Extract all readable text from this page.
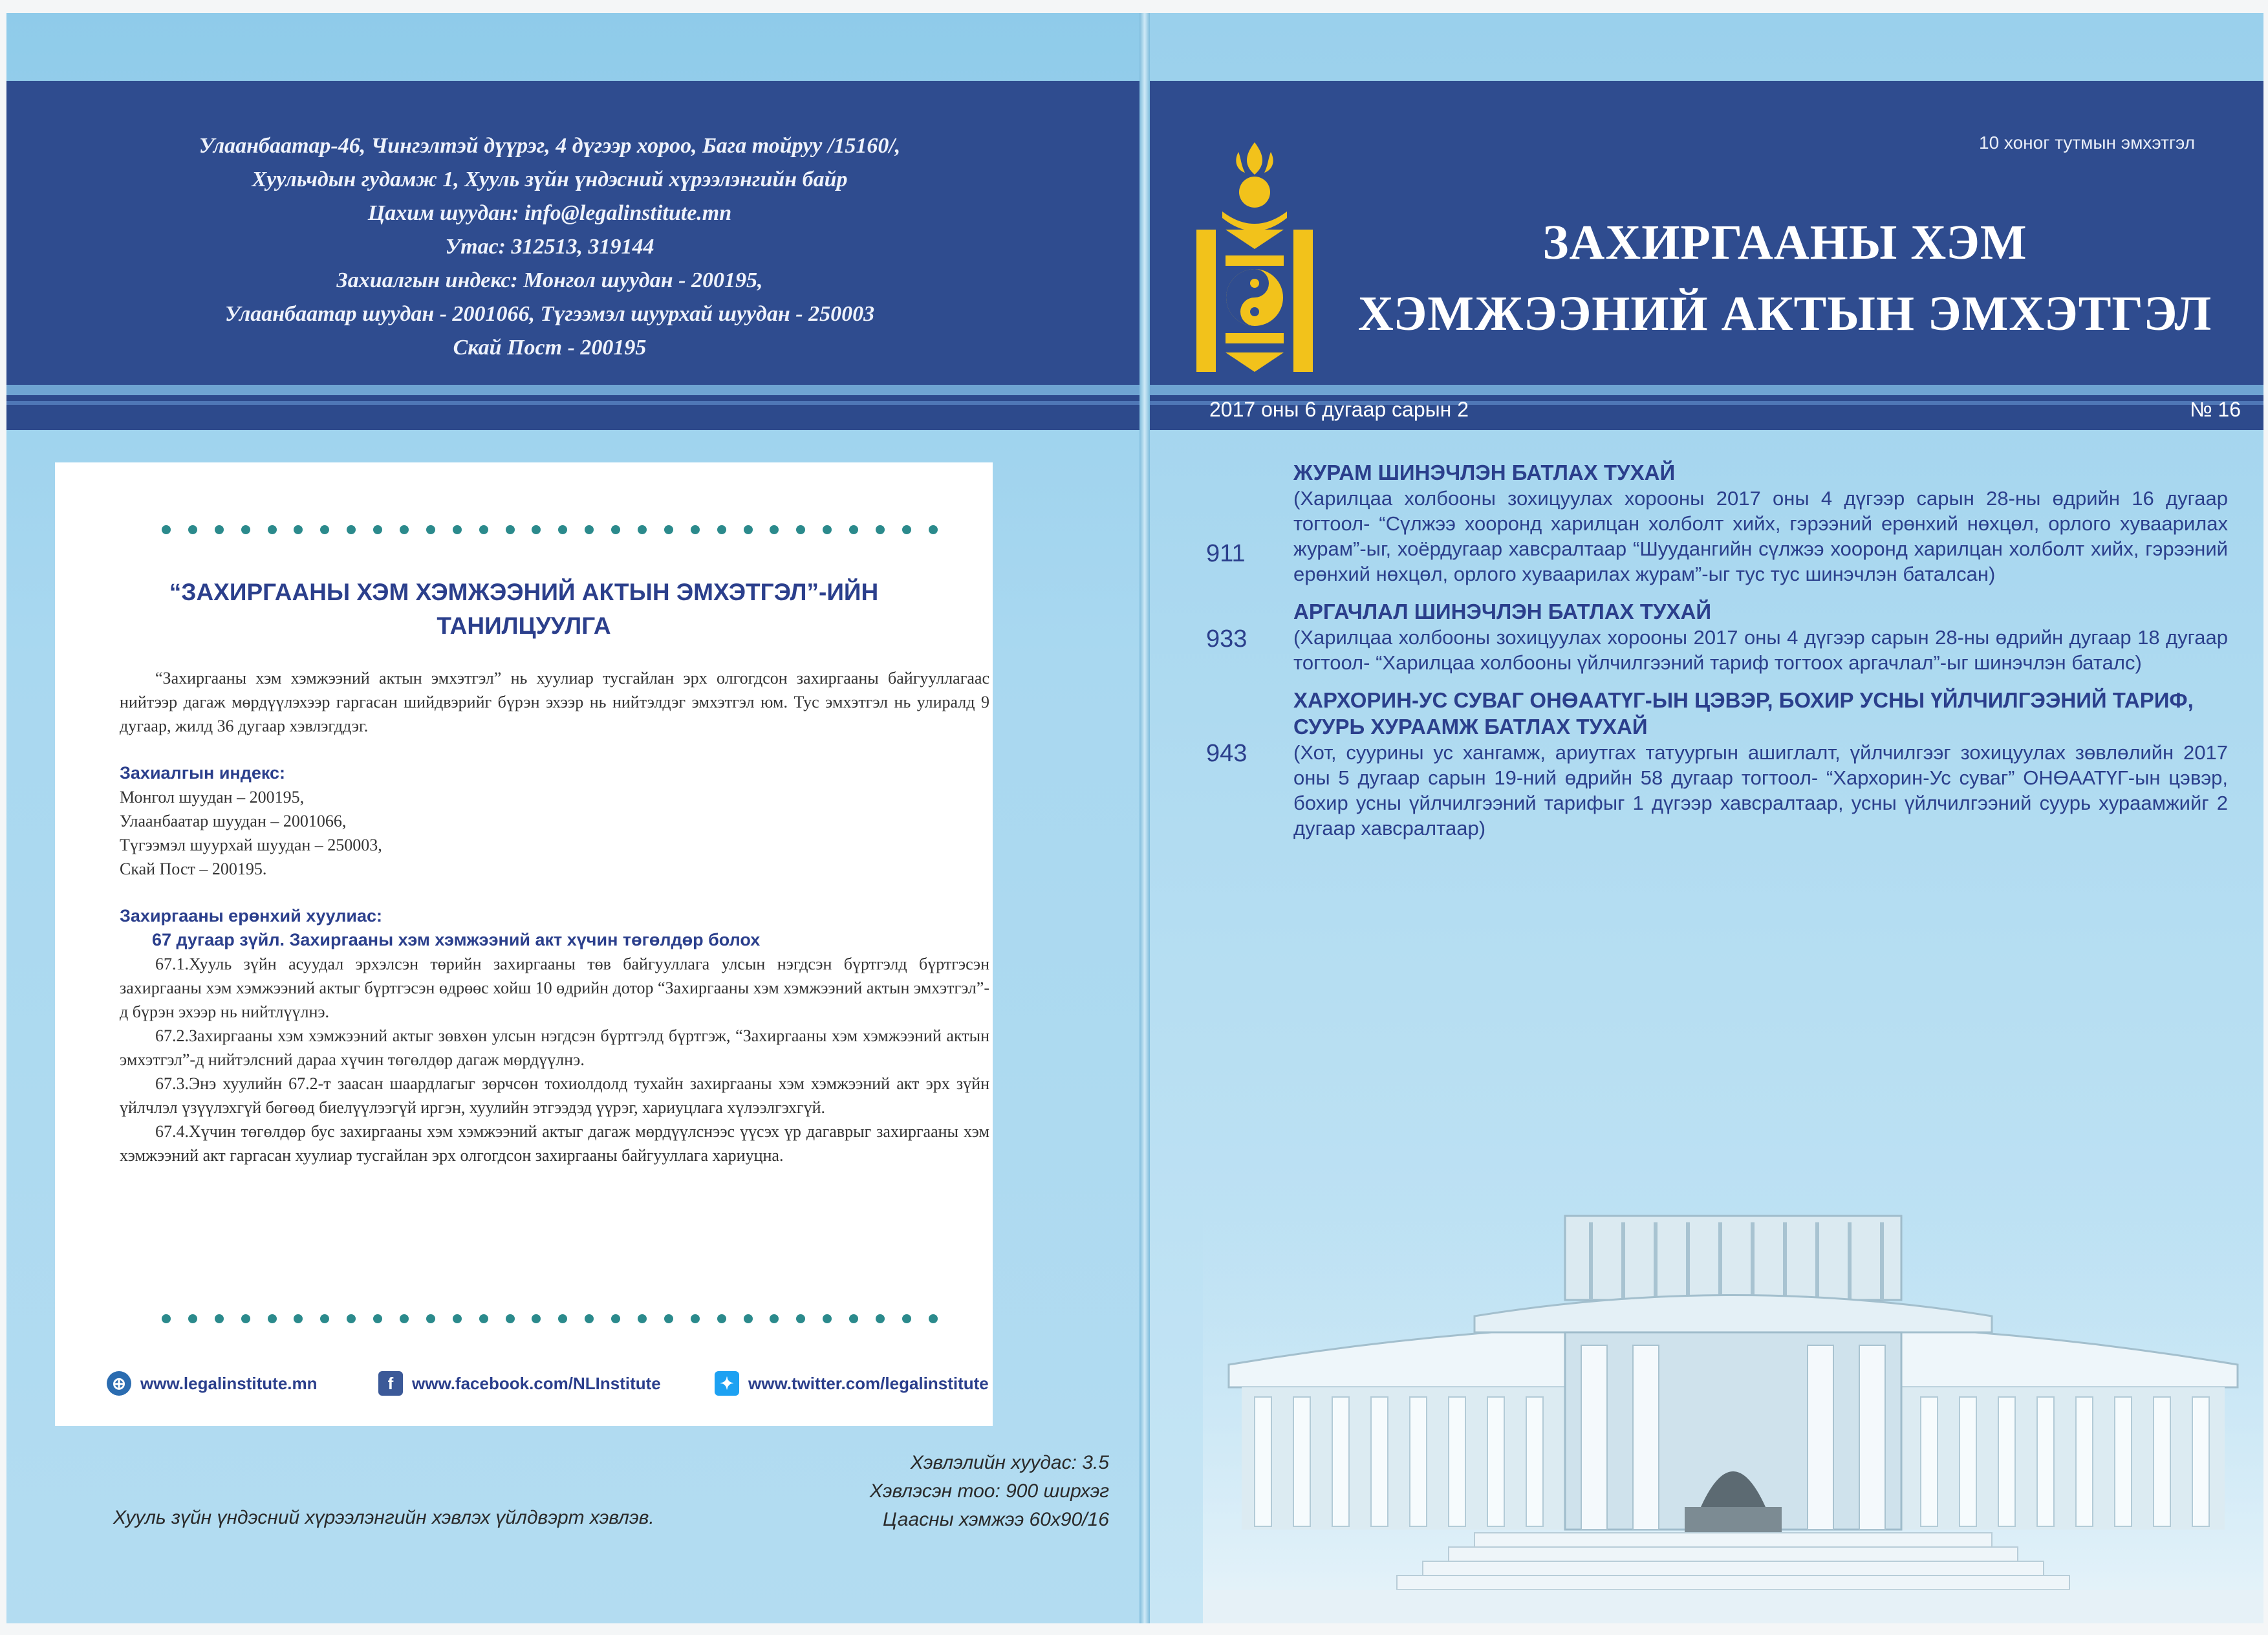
Улаанбаатар-46, Чингэлтэй дүүрэг, 4 дүгээр хороо, Бага тойруу /15160/,
Хуульчдын гудамж 1, Хууль зүйн үндэсний хүрээлэнгийн байр
Цахим шуудан: info@legalinstitute.mn
Утас: 312513, 319144
Захиалгын индекс: Монгол шуудан - 200195,
Улаанбаатар шуудан - 2001066, Түгээмэл шуурхай шуудан - 250003
Скай Пост - 200195
“ЗАХИРГААНЫ ХЭМ ХЭМЖЭЭНИЙ АКТЫН ЭМХЭТГЭЛ”-ИЙН
ТАНИЛЦУУЛГА
“Захиргааны хэм хэмжээний актын эмхэтгэл” нь хуулиар тусгайлан эрх олгогдсон захиргааны байгууллагаас нийтээр дагаж мөрдүүлэхээр гаргасан шийдвэрийг бүрэн эхээр нь нийтэлдэг эмхэтгэл юм. Тус эмхэтгэл нь улиралд 9 дугаар, жилд 36 дугаар хэвлэгддэг.
Захиалгын индекс:
Монгол шуудан – 200195,
Улаанбаатар шуудан – 2001066,
Түгээмэл шуурхай шуудан – 250003,
Скай Пост – 200195.
Захиргааны ерөнхий хуулиас:
67 дугаар зүйл. Захиргааны хэм хэмжээний акт хүчин төгөлдөр болох
67.1.Хууль зүйн асуудал эрхэлсэн төрийн захиргааны төв байгууллага улсын нэгдсэн бүртгэлд бүртгэсэн захиргааны хэм хэмжээний актыг бүртгэсэн өдрөөс хойш 10 өдрийн дотор “Захиргааны хэм хэмжээний актын эмхэтгэл”-д бүрэн эхээр нь нийтлүүлнэ.
67.2.Захиргааны хэм хэмжээний актыг зөвхөн улсын нэгдсэн бүртгэлд бүртгэж, “Захиргааны хэм хэмжээний актын эмхэтгэл”-д нийтэлсний дараа хүчин төгөлдөр дагаж мөрдүүлнэ.
67.3.Энэ хуулийн 67.2-т заасан шаардлагыг зөрчсөн тохиолдолд тухайн захиргааны хэм хэмжээний акт эрх зүйн үйлчлэл үзүүлэхгүй бөгөөд биелүүлээгүй иргэн, хуулийн этгээдэд үүрэг, хариуцлага хүлээлгэхгүй.
67.4.Хүчин төгөлдөр бус захиргааны хэм хэмжээний актыг дагаж мөрдүүлснээс үүсэх үр дагаврыг захиргааны хэм хэмжээний акт гаргасан хуулиар тусгайлан эрх олгогдсон захиргааны байгууллага хариуцна.
⊕ www.legalinstitute.mn	f	www.facebook.com/NLInstitute	✦ www.twitter.com/legalinstitute
Хэвлэлийн хуудас: 3.5
Хэвлэсэн тоо: 900 ширхэг
Цаасны хэмжээ 60х90/16
Хууль зүйн үндэсний хүрээлэнгийн хэвлэх үйлдвэрт хэвлэв.
10 хоног тутмын эмхэтгэл
ЗАХИРГААНЫ ХЭМ
ХЭМЖЭЭНИЙ АКТЫН ЭМХЭТГЭЛ
2017 оны 6 дугаар сарын 2	№ 16
911
ЖУРАМ ШИНЭЧЛЭН БАТЛАХ ТУХАЙ
(Харилцаа холбооны зохицуулах хорооны 2017 оны 4 дүгээр сарын 28-ны өдрийн 16 дугаар тогтоол- “Сүлжээ хооронд харилцан холболт хийх, гэрээний ерөнхий нөхцөл, орлого хуваарилах журам”-ыг, хоёрдугаар хавсралтаар “Шуудангийн сүлжээ хооронд харилцан холболт хийх, гэрээний ерөнхий нөхцөл, орлого хуваарилах журам”-ыг тус тус шинэчлэн баталсан)
933
АРГАЧЛАЛ ШИНЭЧЛЭН БАТЛАХ ТУХАЙ
(Харилцаа холбооны зохицуулах хорооны 2017 оны 4 дүгээр сарын 28-ны өдрийн дугаар 18 дугаар тогтоол- “Харилцаа холбооны үйлчилгээний тариф тогтоох аргачлал”-ыг шинэчлэн баталс)
943
ХАРХОРИН-УС СУВАГ ОНӨААТҮГ-ЫН ЦЭВЭР, БОХИР УСНЫ ҮЙЛЧИЛГЭЭНИЙ ТАРИФ, СУУРЬ ХУРААМЖ БАТЛАХ ТУХАЙ
(Хот, суурины ус хангамж, ариутгах татуургын ашиглалт, үйлчилгээг зохицуулах зөвлөлийн 2017 оны 5 дугаар сарын 19-ний өдрийн 58 дугаар тогтоол- “Хархорин-Ус суваг” ОНӨААТҮГ-ын цэвэр, бохир усны үйлчилгээний тарифыг 1 дүгээр хавсралтаар, усны үйлчилгээний суурь хураамжийг 2 дугаар хавсралтаар)
